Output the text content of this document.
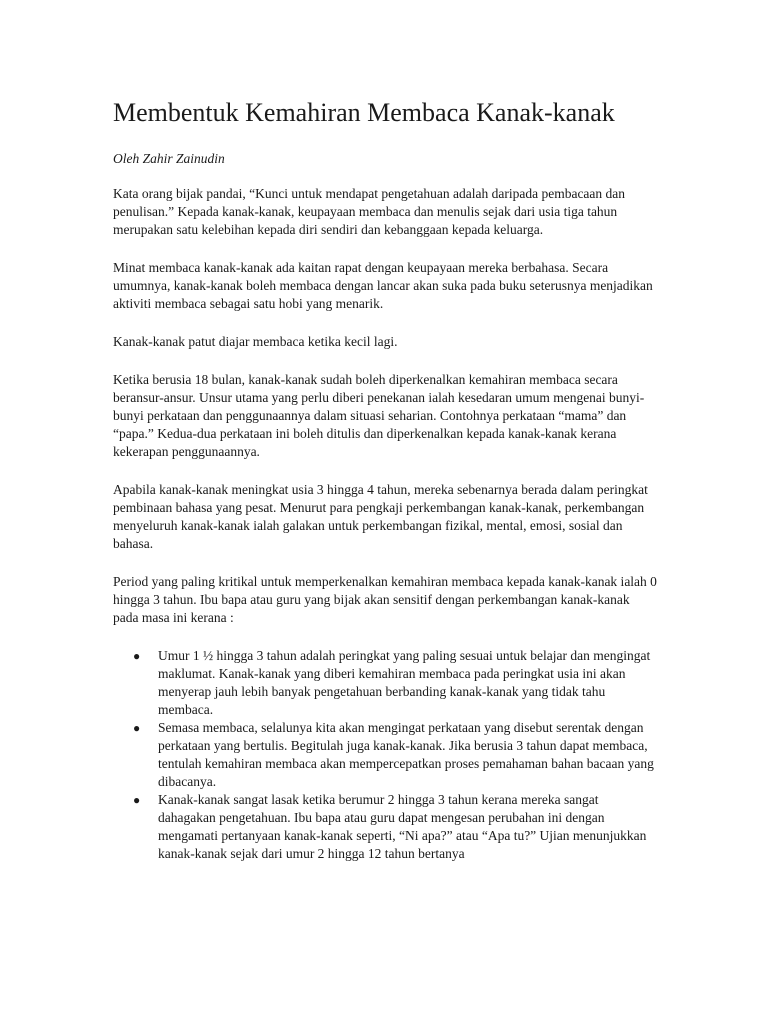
Membentuk Kemahiran Membaca Kanak-kanak

Oleh Zahir Zainudin

Kata orang bijak pandai, “Kunci untuk mendapat pengetahuan adalah daripada pembacaan dan penulisan.” Kepada kanak-kanak, keupayaan membaca dan menulis sejak dari usia tiga tahun merupakan satu kelebihan kepada diri sendiri dan kebanggaan kepada keluarga.

Minat membaca kanak-kanak ada kaitan rapat dengan keupayaan mereka berbahasa. Secara umumnya, kanak-kanak boleh membaca dengan lancar akan suka pada buku seterusnya menjadikan aktiviti membaca sebagai satu hobi yang menarik.

Kanak-kanak patut diajar membaca ketika kecil lagi.

Ketika berusia 18 bulan, kanak-kanak sudah boleh diperkenalkan kemahiran membaca secara beransur-ansur. Unsur utama yang perlu diberi penekanan ialah kesedaran umum mengenai bunyi-bunyi perkataan dan penggunaannya dalam situasi seharian. Contohnya perkataan “mama” dan “papa.” Kedua-dua perkataan ini boleh ditulis dan diperkenalkan kepada kanak-kanak kerana kekerapan penggunaannya.

Apabila kanak-kanak meningkat usia 3 hingga 4 tahun, mereka sebenarnya berada dalam peringkat pembinaan bahasa yang pesat. Menurut para pengkaji perkembangan kanak-kanak, perkembangan menyeluruh kanak-kanak ialah galakan untuk perkembangan fizikal, mental, emosi, sosial dan bahasa.

Period yang paling kritikal untuk memperkenalkan kemahiran membaca kepada kanak-kanak ialah 0 hingga 3 tahun. Ibu bapa atau guru yang bijak akan sensitif dengan perkembangan kanak-kanak pada masa ini kerana :

● Umur 1 ½ hingga 3 tahun adalah peringkat yang paling sesuai untuk belajar dan mengingat maklumat. Kanak-kanak yang diberi kemahiran membaca pada peringkat usia ini akan menyerap jauh lebih banyak pengetahuan berbanding kanak-kanak yang tidak tahu membaca.
● Semasa membaca, selalunya kita akan mengingat perkataan yang disebut serentak dengan perkataan yang bertulis. Begitulah juga kanak-kanak. Jika berusia 3 tahun dapat membaca, tentulah kemahiran membaca akan mempercepatkan proses pemahaman bahan bacaan yang dibacanya.
● Kanak-kanak sangat lasak ketika berumur 2 hingga 3 tahun kerana mereka sangat dahagakan pengetahuan. Ibu bapa atau guru dapat mengesan perubahan ini dengan mengamati pertanyaan kanak-kanak seperti, “Ni apa?” atau “Apa tu?” Ujian menunjukkan kanak-kanak sejak dari umur 2 hingga 12 tahun bertanya
